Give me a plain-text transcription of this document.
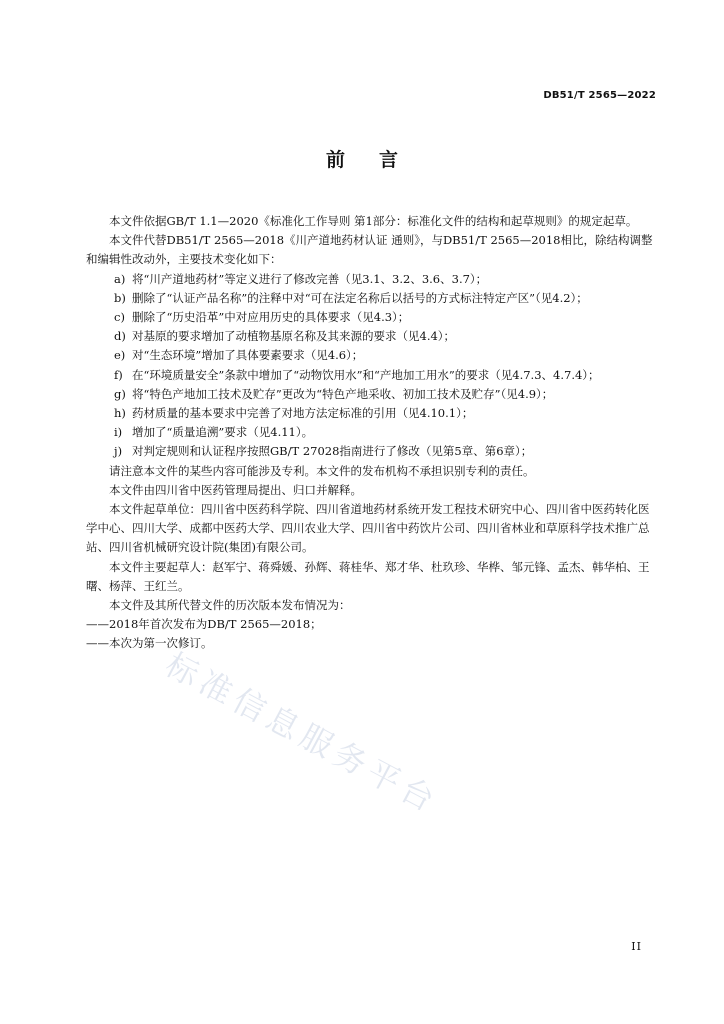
DB51/T 2565—2022
前言

本文件依据GB/T 1.1—2020《标准化工作导则 第1部分：标准化文件的结构和起草规则》的规定起草。

本文件代替DB51/T 2565—2018《川产道地药材认证 通则》，与DB51/T 2565—2018相比，除结构调整和编辑性改动外，主要技术变化如下：

a) 将“川产道地药材”等定义进行了修改完善（见3.1、3.2、3.6、3.7）；

b) 删除了“认证产品名称”的注释中对“可在法定名称后以括号的方式标注特定产区”（见4.2）；

c) 删除了“历史沿革”中对应用历史的具体要求（见4.3）；

d) 对基原的要求增加了动植物基原名称及其来源的要求（见4.4）；

e) 对“生态环境”增加了具体要素要求（见4.6）；

f) 在“环境质量安全”条款中增加了“动物饮用水”和“产地加工用水”的要求（见4.7.3、4.7.4）；

g) 将“特色产地加工技术及贮存”更改为“特色产地采收、初加工技术及贮存”（见4.9）；

h) 药材质量的基本要求中完善了对地方法定标准的引用（见4.10.1）；

i) 增加了“质量追溯”要求（见4.11）。

j) 对判定规则和认证程序按照GB/T 27028指南进行了修改（见第5章、第6章）；

请注意本文件的某些内容可能涉及专利。本文件的发布机构不承担识别专利的责任。

本文件由四川省中医药管理局提出、归口并解释。

本文件起草单位：四川省中医药科学院、四川省道地药材系统开发工程技术研究中心、四川省中医药转化医学中心、四川大学、成都中医药大学、四川农业大学、四川省中药饮片公司、四川省林业和草原科学技术推广总站、四川省机械研究设计院(集团)有限公司。

本文件主要起草人：赵军宁、蒋舜媛、孙辉、蒋桂华、郑才华、杜玖珍、华桦、邹元锋、孟杰、韩华柏、王曙、杨萍、王红兰。

本文件及其所代替文件的历次版本发布情况为：

——2018年首次发布为DB/T 2565—2018；

——本次为第一次修订。

标准信息服务平台
II
